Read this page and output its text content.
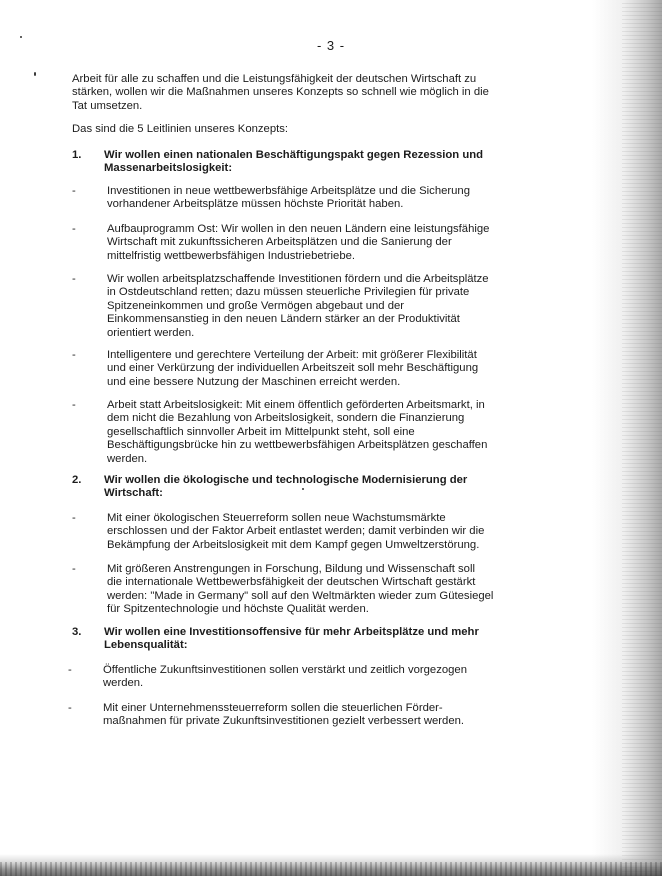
- 3 -
Arbeit für alle zu schaffen und die Leistungsfähigkeit der deutschen Wirtschaft zu
stärken, wollen wir die Maßnahmen unseres Konzepts so schnell wie möglich in die
Tat umsetzen.
Das sind die 5 Leitlinien unseres Konzepts:
1. Wir wollen einen nationalen Beschäftigungspakt gegen Rezession und
Massenarbeitslosigkeit:
-	Investitionen in neue wettbewerbsfähige Arbeitsplätze und die Sicherung
vorhandener Arbeitsplätze müssen höchste Priorität haben.
-	Aufbauprogramm Ost: Wir wollen in den neuen Ländern eine leistungsfähige
Wirtschaft mit zukunftssicheren Arbeitsplätzen und die Sanierung der
mittelfristig wettbewerbsfähigen Industriebetriebe.
-	Wir wollen arbeitsplatzschaffende Investitionen fördern und die Arbeitsplätze
in Ostdeutschland retten; dazu müssen steuerliche Privilegien für private
Spitzeneinkommen und große Vermögen abgebaut und der
Einkommensanstieg in den neuen Ländern stärker an der Produktivität
orientiert werden.
-	Intelligentere und gerechtere Verteilung der Arbeit: mit größerer Flexibilität
und einer Verkürzung der individuellen Arbeitszeit soll mehr Beschäftigung
und eine bessere Nutzung der Maschinen erreicht werden.
-	Arbeit statt Arbeitslosigkeit: Mit einem öffentlich geförderten Arbeitsmarkt, in
dem nicht die Bezahlung von Arbeitslosigkeit, sondern die Finanzierung
gesellschaftlich sinnvoller Arbeit im Mittelpunkt steht, soll eine
Beschäftigungsbrücke hin zu wettbewerbsfähigen Arbeitsplätzen geschaffen
werden.
2. Wir wollen die ökologische und technologische Modernisierung der
Wirtschaft:
-	Mit einer ökologischen Steuerreform sollen neue Wachstumsmärkte
erschlossen und der Faktor Arbeit entlastet werden; damit verbinden wir die
Bekämpfung der Arbeitslosigkeit mit dem Kampf gegen Umweltzerstörung.
-	Mit größeren Anstrengungen in Forschung, Bildung und Wissenschaft soll
die internationale Wettbewerbsfähigkeit der deutschen Wirtschaft gestärkt
werden: "Made in Germany" soll auf den Weltmärkten wieder zum Gütesiegel
für Spitzentechnologie und höchste Qualität werden.
3. Wir wollen eine Investitionsoffensive für mehr Arbeitsplätze und mehr
Lebensqualität:
-	Öffentliche Zukunftsinvestitionen sollen verstärkt und zeitlich vorgezogen
werden.
-	Mit einer Unternehmenssteuerreform sollen die steuerlichen Förder-
maßnahmen für private Zukunftsinvestitionen gezielt verbessert werden.
